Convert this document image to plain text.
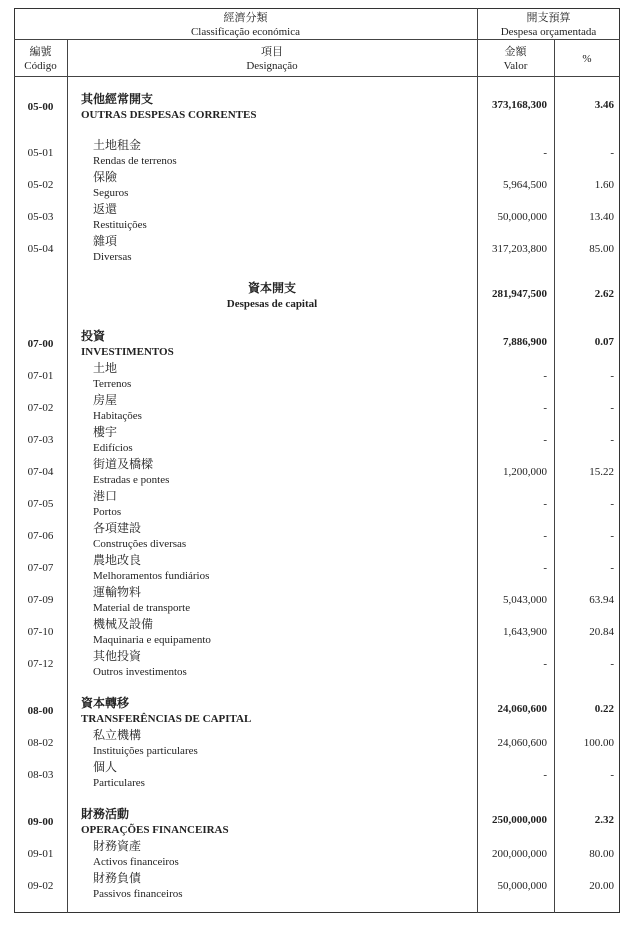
經濟分類
Classificação económica
開支預算
Despesa orçamentada
編號
Código
項目
Designação
金額
Valor
%
05-00
其他經常開支
OUTRAS DESPESAS CORRENTES
373,168,300	3.46
05-01
土地租金
Rendas de terrenos
-	-
05-02
保險
Seguros
5,964,500	1.60
05-03
返還
Restituições
50,000,000	13.40
05-04
雜項
Diversas
317,203,800	85.00
資本開支
Despesas de capital
281,947,500	2.62
07-00
投資
INVESTIMENTOS
7,886,900	0.07
07-01
土地
Terrenos
-	-
07-02
房屋
Habitações
-	-
07-03
樓宇
Edifícios
-	-
07-04
街道及橋樑
Estradas e pontes
1,200,000	15.22
07-05
港口
Portos
-	-
07-06
各項建設
Construções diversas
-	-
07-07
農地改良
Melhoramentos fundiários
-	-
07-09
運輸物料
Material de transporte
5,043,000	63.94
07-10
機械及設備
Maquinaria e equipamento
1,643,900	20.84
07-12
其他投資
Outros investimentos
-	-
08-00
資本轉移
TRANSFERÊNCIAS DE CAPITAL
24,060,600	0.22
08-02
私立機構
Instituições particulares
24,060,600	100.00
08-03
個人
Particulares
-	-
09-00
財務活動
OPERAÇÕES FINANCEIRAS
250,000,000	2.32
09-01
財務資產
Activos financeiros
200,000,000	80.00
09-02
財務負債
Passivos financeiros
50,000,000	20.00
